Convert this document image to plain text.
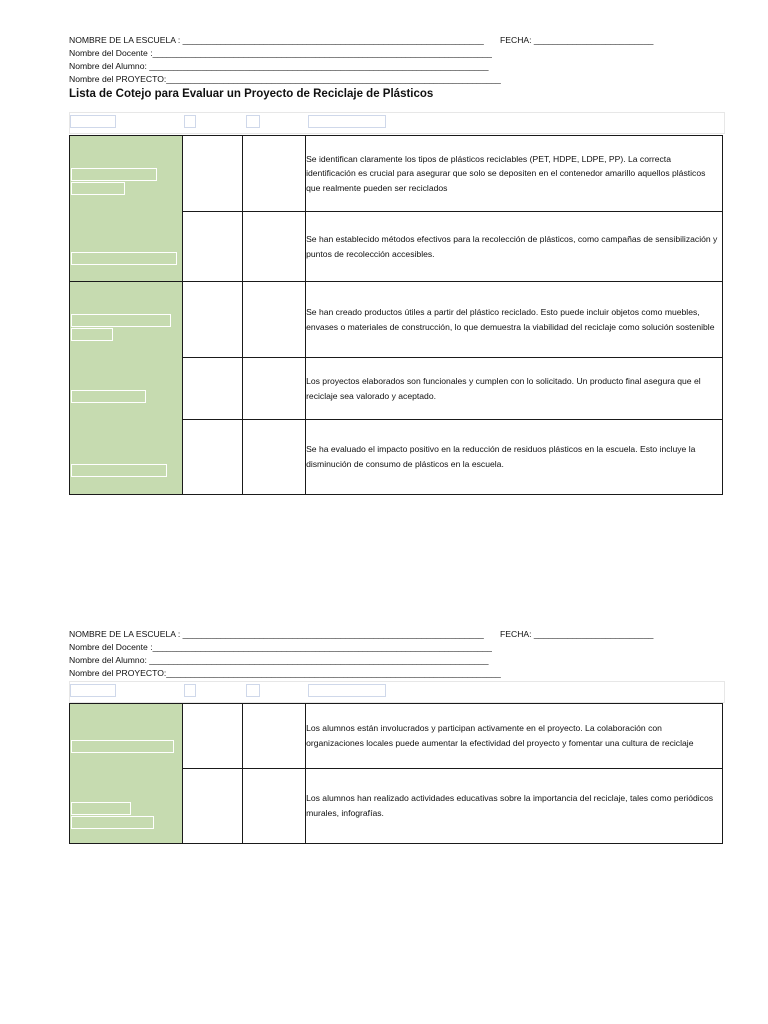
NOMBRE DE LA ESCUELA : _______________________________________________________________	FECHA: _________________________
Nombre del Docente :_______________________________________________________________________
Nombre del Alumno: _______________________________________________________________________
Nombre del PROYECTO:______________________________________________________________________
Lista de Cotejo para Evaluar un Proyecto de Reciclaje de Plásticos
			Se identifican claramente los tipos de plásticos reciclables (PET, HDPE, LDPE, PP). La correcta identificación es crucial para asegurar que solo se depositen en el contenedor amarillo aquellos plásticos que realmente pueden ser reciclados
			Se han establecido métodos efectivos para la recolección de plásticos, como campañas de sensibilización y puntos de recolección accesibles.

			Se han creado productos útiles a partir del plástico reciclado. Esto puede incluir objetos como muebles, envases o materiales de construcción, lo que demuestra la viabilidad del reciclaje como solución sostenible
			Los proyectos elaborados son funcionales y cumplen con lo solicitado. Un producto final asegura que el reciclaje sea valorado y aceptado.
			Se ha evaluado el impacto positivo en la reducción de residuos plásticos en la escuela. Esto incluye la disminución de consumo de plásticos en la escuela.
NOMBRE DE LA ESCUELA : _______________________________________________________________	FECHA: _________________________
Nombre del Docente :_______________________________________________________________________
Nombre del Alumno: _______________________________________________________________________
Nombre del PROYECTO:______________________________________________________________________
			Los alumnos están involucrados y participan activamente en el proyecto. La colaboración con organizaciones locales puede aumentar la efectividad del proyecto y fomentar una cultura de reciclaje
			Los alumnos han realizado actividades educativas sobre la importancia del reciclaje, tales como periódicos murales, infografías.
